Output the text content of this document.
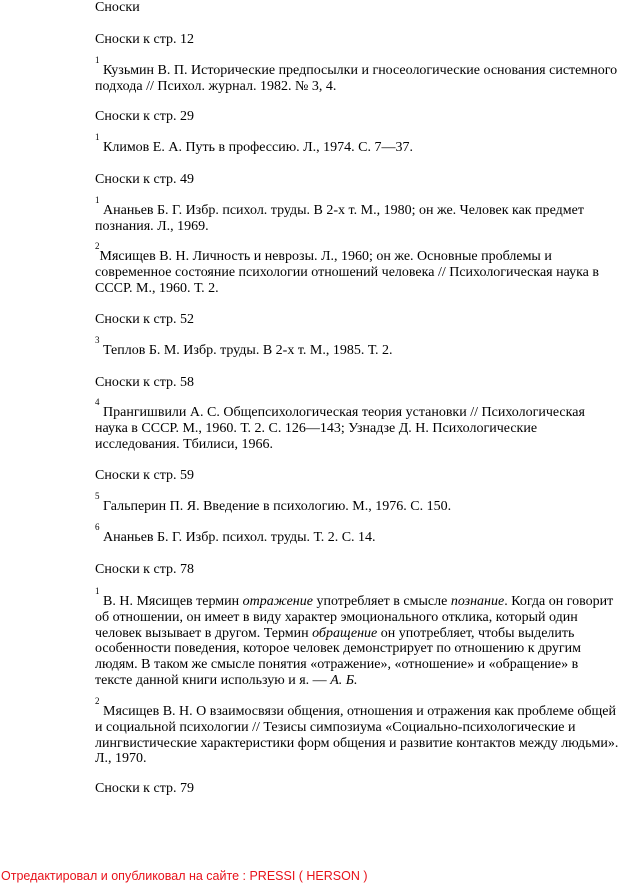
Сноски

Сноски к стр. 12

$^1$ Кузьмин В. П. Исторические предпосылки и гносеологические основания системного подхода // Психол. журнал. 1982. № 3, 4.

Сноски к стр. 29

$^1$ Климов Е. А. Путь в профессию. Л., 1974. С. 7—37.

Сноски к стр. 49

$^1$ Ананьев Б. Г. Избр. психол. труды. В 2-х т. М., 1980; он же. Человек как предмет познания. Л., 1969.

$^2$Мясищев В. Н. Личность и неврозы. Л., 1960; он же. Основные проблемы и современное состояние психологии отношений человека // Психологическая наука в СССР. М., 1960. Т. 2.

Сноски к стр. 52

$^3$ Теплов Б. М. Избр. труды. В 2-х т. М., 1985. Т. 2.

Сноски к стр. 58

$^4$ Прангишвили А. С. Общепсихологическая теория установки // Психологическая наука в СССР. М., 1960. Т. 2. С. 126—143; Узнадзе Д. Н. Психологические исследования. Тбилиси, 1966.

Сноски к стр. 59

$^5$ Гальперин П. Я. Введение в психологию. М., 1976. С. 150.

$^6$ Ананьев Б. Г. Избр. психол. труды. Т. 2. С. 14.

Сноски к стр. 78

$^1$ В. Н. Мясищев термин отражение употребляет в смысле познание. Когда он говорит об отношении, он имеет в виду характер эмоционального отклика, который один человек вызывает в другом. Термин обращение он употребляет, чтобы выделить особенности поведения, которое человек демонстрирует по отношению к другим людям. В таком же смысле понятия «отражение», «отношение» и «обращение» в тексте данной книги использую и я. — А. Б.

$^2$ Мясищев В. Н. О взаимосвязи общения, отношения и отражения как проблеме общей и социальной психологии // Тезисы симпозиума «Социально-психологические и лингвистические характеристики форм общения и развитие контактов между людьми». Л., 1970.

Сноски к стр. 79

Отредактировал и опубликовал на сайте : PRESSI ( HERSON )
